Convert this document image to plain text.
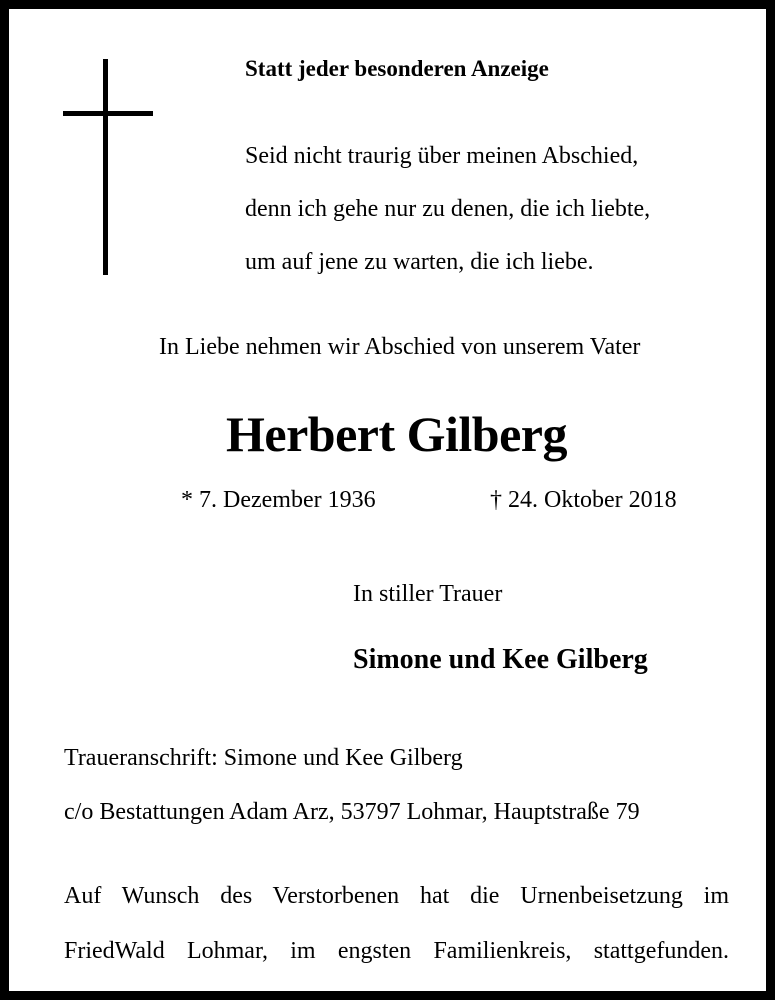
Statt jeder besonderen Anzeige
Seid nicht traurig über meinen Abschied,
denn ich gehe nur zu denen, die ich liebte,
um auf jene zu warten, die ich liebe.
In Liebe nehmen wir Abschied von unserem Vater
Herbert Gilberg
* 7. Dezember 1936	† 24. Oktober 2018
In stiller Trauer
Simone und Kee Gilberg
Traueranschrift: Simone und Kee Gilberg
c/o Bestattungen Adam Arz, 53797 Lohmar, Hauptstraße 79
Auf Wunsch des Verstorbenen hat die Urnenbeisetzung im
FriedWald Lohmar, im engsten Familienkreis, stattgefunden.
